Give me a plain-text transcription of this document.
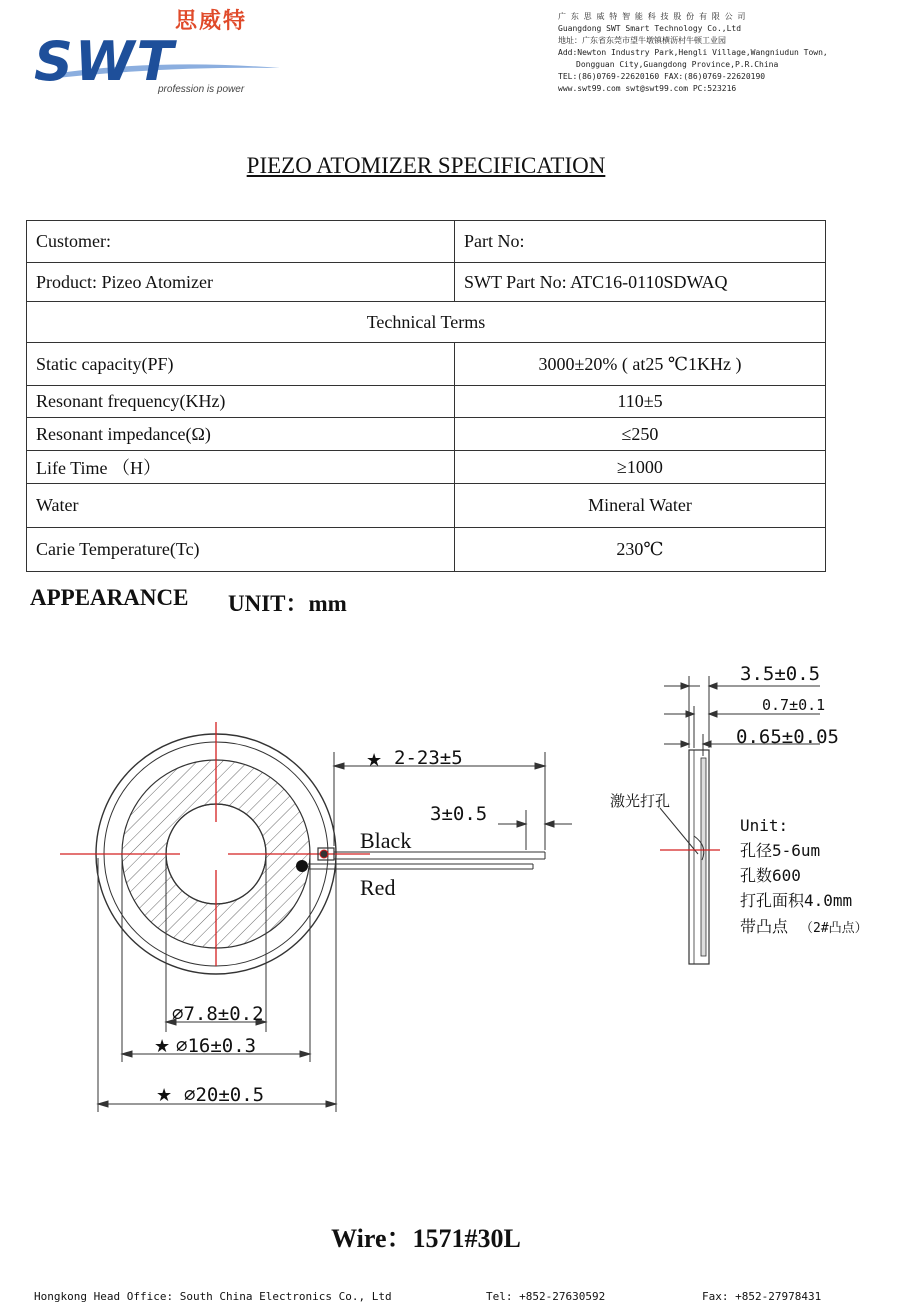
思威特
SWT
profession is power
广 东 思 威 特 智 能 科 技 股 份 有 限 公 司
Guangdong SWT Smart Technology Co.,Ltd
地址：广东省东莞市望牛墩镇横沥村牛顿工业园
Add:Newton Industry Park,Hengli Village,Wangniudun Town,
Dongguan City,Guangdong Province,P.R.China
TEL:(86)0769-22620160 FAX:(86)0769-22620190
www.swt99.com swt@swt99.com PC:523216
PIEZO ATOMIZER SPECIFICATION
Customer:	Part No:
Product: Pizeo Atomizer	SWT Part No: ATC16-0110SDWAQ
Technical Terms	
Static capacity(PF)	3000±20% ( at25 ℃1KHz )
Resonant frequency(KHz)	110±5
Resonant impedance(Ω)	≤250
Life Time （H）	≥1000
Water	Mineral Water
Carie Temperature(Tc)	230℃
APPEARANCE UNIT：mm
★ 2-23±5
3±0.5
Black
Red
⌀7.8±0.2
★ ⌀16±0.3
★ ⌀20±0.5
3.5±0.5
0.7±0.1
0.65±0.05
激光打孔
Unit:
孔径5-6um
孔数600
打孔面积4.0mm
带凸点 （2#凸点）
Wire：1571#30L
Hongkong Head Office: South China Electronics Co., Ltd	Tel: +852-27630592	Fax: +852-27978431
